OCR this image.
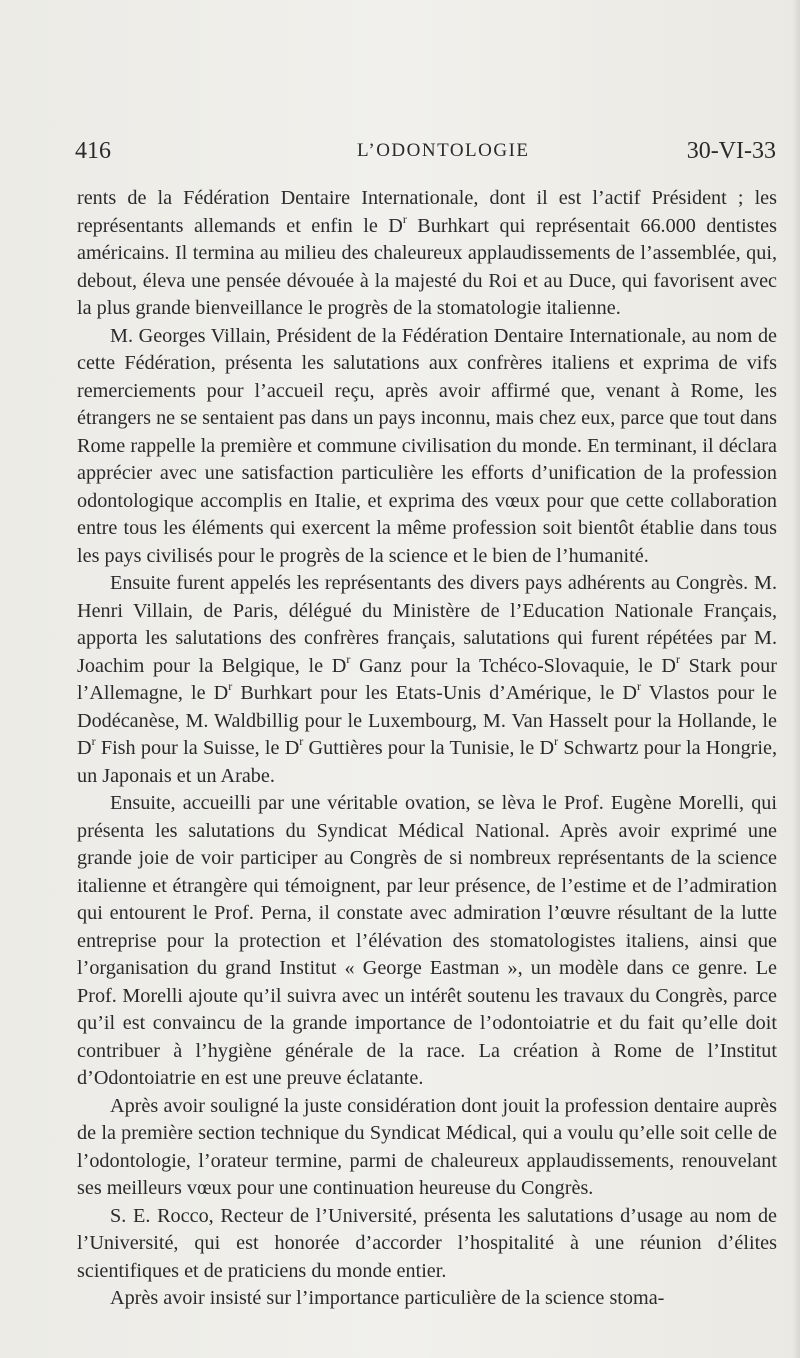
416	L’ODONTOLOGIE	30-VI-33

rents de la Fédération Dentaire Internationale, dont il est l’actif Président ; les représentants allemands et enfin le $D^r$ Burhkart qui représentait 66.000 dentistes américains. Il termina au milieu des chaleureux applaudissements de l’assemblée, qui, debout, éleva une pensée dévouée à la majesté du Roi et au Duce, qui favorisent avec la plus grande bienveillance le progrès de la stomatologie italienne.

M. Georges Villain, Président de la Fédération Dentaire Internationale, au nom de cette Fédération, présenta les salutations aux confrères italiens et exprima de vifs remerciements pour l’accueil reçu, après avoir affirmé que, venant à Rome, les étrangers ne se sentaient pas dans un pays inconnu, mais chez eux, parce que tout dans Rome rappelle la première et commune civilisation du monde. En terminant, il déclara apprécier avec une satisfaction particulière les efforts d’unification de la profession odontologique accomplis en Italie, et exprima des vœux pour que cette collaboration entre tous les éléments qui exercent la même profession soit bientôt établie dans tous les pays civilisés pour le progrès de la science et le bien de l’humanité.

Ensuite furent appelés les représentants des divers pays adhérents au Congrès. M. Henri Villain, de Paris, délégué du Ministère de l’Education Nationale Français, apporta les salutations des confrères français, salutations qui furent répétées par M. Joachim pour la Belgique, le $D^r$ Ganz pour la Tchéco-Slovaquie, le $D^r$ Stark pour l’Allemagne, le $D^r$ Burhkart pour les Etats-Unis d’Amérique, le $D^r$ Vlastos pour le Dodécanèse, M. Waldbillig pour le Luxembourg, M. Van Hasselt pour la Hollande, le $D^r$ Fish pour la Suisse, le $D^r$ Guttières pour la Tunisie, le $D^r$ Schwartz pour la Hongrie, un Japonais et un Arabe.

Ensuite, accueilli par une véritable ovation, se lèva le Prof. Eugène Morelli, qui présenta les salutations du Syndicat Médical National. Après avoir exprimé une grande joie de voir participer au Congrès de si nombreux représentants de la science italienne et étrangère qui témoignent, par leur présence, de l’estime et de l’admiration qui entourent le Prof. Perna, il constate avec admiration l’œuvre résultant de la lutte entreprise pour la protection et l’élévation des stomatologistes italiens, ainsi que l’organisation du grand Institut « George Eastman », un modèle dans ce genre. Le Prof. Morelli ajoute qu’il suivra avec un intérêt soutenu les travaux du Congrès, parce qu’il est convaincu de la grande importance de l’odontoiatrie et du fait qu’elle doit contribuer à l’hygiène générale de la race. La création à Rome de l’Institut d’Odontoiatrie en est une preuve éclatante.

Après avoir souligné la juste considération dont jouit la profession dentaire auprès de la première section technique du Syndicat Médical, qui a voulu qu’elle soit celle de l’odontologie, l’orateur termine, parmi de chaleureux applaudissements, renouvelant ses meilleurs vœux pour une continuation heureuse du Congrès.

S. E. Rocco, Recteur de l’Université, présenta les salutations d’usage au nom de l’Université, qui est honorée d’accorder l’hospitalité à une réunion d’élites scientifiques et de praticiens du monde entier.

Après avoir insisté sur l’importance particulière de la science stoma-
